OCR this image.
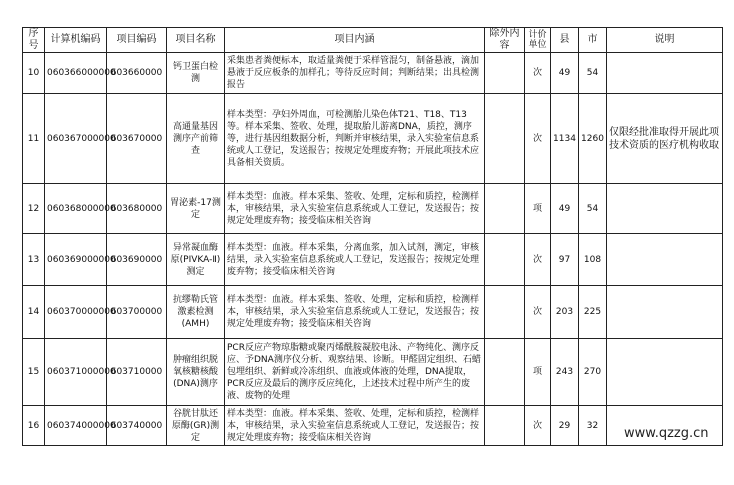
序号	计算机编码	项目编码	项目名称	项目内涵	除外内容	计价单位	县	市	说明
10	060366000000	603660000	钙卫蛋白检测	采集患者粪便标本，取适量粪便于采样管混匀，制备悬液，滴加悬液于反应板条的加样孔；等待反应时间；判断结果；出具检测报告		次	49	54	
11	060367000000	603670000	高通量基因测序产前筛查	样本类型：孕妇外周血，可检测胎儿染色体T21、T18、T13等。样本采集、签收、处理，提取胎儿游离DNA，质控，测序等，进行基因组数据分析，判断并审核结果，录入实验室信息系统或人工登记，发送报告；按规定处理废弃物；开展此项技术应具备相关资质。		次	1134	1260	仅限经批准取得开展此项技术资质的医疗机构收取
12	060368000000	603680000	胃泌素-17测定	样本类型：血液。样本采集、签收、处理，定标和质控，检测样本，审核结果，录入实验室信息系统或人工登记，发送报告；按规定处理废弃物；接受临床相关咨询		项	49	54	
13	060369000000	603690000	异常凝血酶原(PIVKA-Ⅱ)测定	样本类型：血液。样本采集，分离血浆，加入试剂，测定，审核结果，录入实验室信息系统或人工登记，发送报告；按规定处理废弃物；接受临床相关咨询		次	97	108	
14	060370000000	603700000	抗缪勒氏管激素检测(AMH)	样本类型：血液。样本采集、签收、处理，定标和质控，检测样本，审核结果，录入实验室信息系统或人工登记，发送报告；按规定处理废弃物；接受临床相关咨询		次	203	225	
15	060371000000	603710000	肿瘤组织脱氧核糖核酸(DNA)测序	PCR反应产物琼脂糖或聚丙烯酰胺凝胶电泳、产物纯化、测序反应、予DNA测序仪分析、观察结果、诊断。甲醛固定组织、石蜡包埋组织、新鲜或冷冻组织、血液或体液的处理，DNA提取，PCR反应及最后的测序反应纯化，上述技术过程中所产生的废液、废物的处理		项	243	270	
16	060374000000	603740000	谷胱甘肽还原酶(GR)测定	样本类型：血液。样本采集、签收、处理，定标和质控，检测样本，审核结果，录入实验室信息系统或人工登记，发送报告；按规定处理废弃物；接受临床相关咨询		次	29	32	
www.qzzg.cn
